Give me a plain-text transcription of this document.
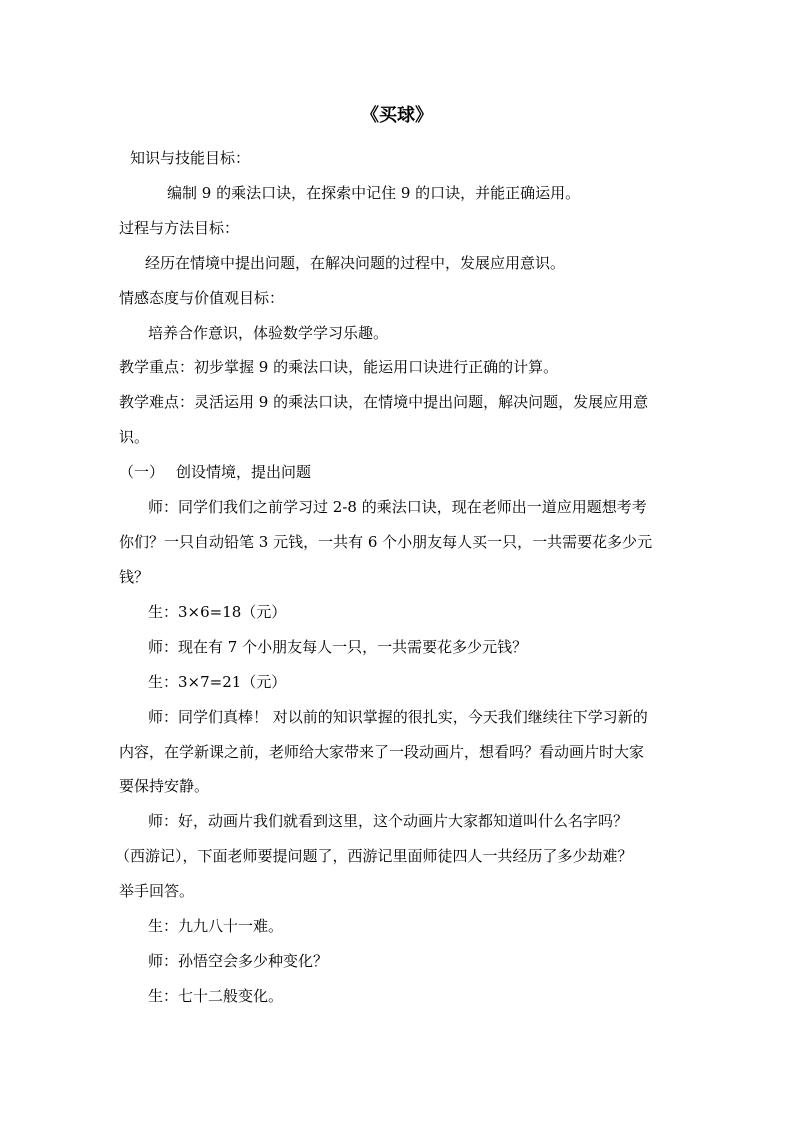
《买球》
知识与技能目标：
编制 9 的乘法口诀，在探索中记住 9 的口诀，并能正确运用。
过程与方法目标：
经历在情境中提出问题，在解决问题的过程中，发展应用意识。
情感态度与价值观目标：
培养合作意识，体验数学学习乐趣。
教学重点：初步掌握 9 的乘法口诀，能运用口诀进行正确的计算。
教学难点：灵活运用 9 的乘法口诀，在情境中提出问题，解决问题，发展应用意
识。
（一） 创设情境，提出问题
师：同学们我们之前学习过 2-8 的乘法口诀，现在老师出一道应用题想考考
你们？一只自动铅笔 3 元钱，一共有 6 个小朋友每人买一只，一共需要花多少元
钱？
生：3×6=18（元）
师：现在有 7 个小朋友每人一只，一共需要花多少元钱？
生：3×7=21（元）
师：同学们真棒！ 对以前的知识掌握的很扎实，今天我们继续往下学习新的
内容，在学新课之前，老师给大家带来了一段动画片，想看吗？看动画片时大家
要保持安静。
师：好，动画片我们就看到这里，这个动画片大家都知道叫什么名字吗？
（西游记），下面老师要提问题了，西游记里面师徒四人一共经历了多少劫难？
举手回答。
生：九九八十一难。
师：孙悟空会多少种变化？
生：七十二般变化。
